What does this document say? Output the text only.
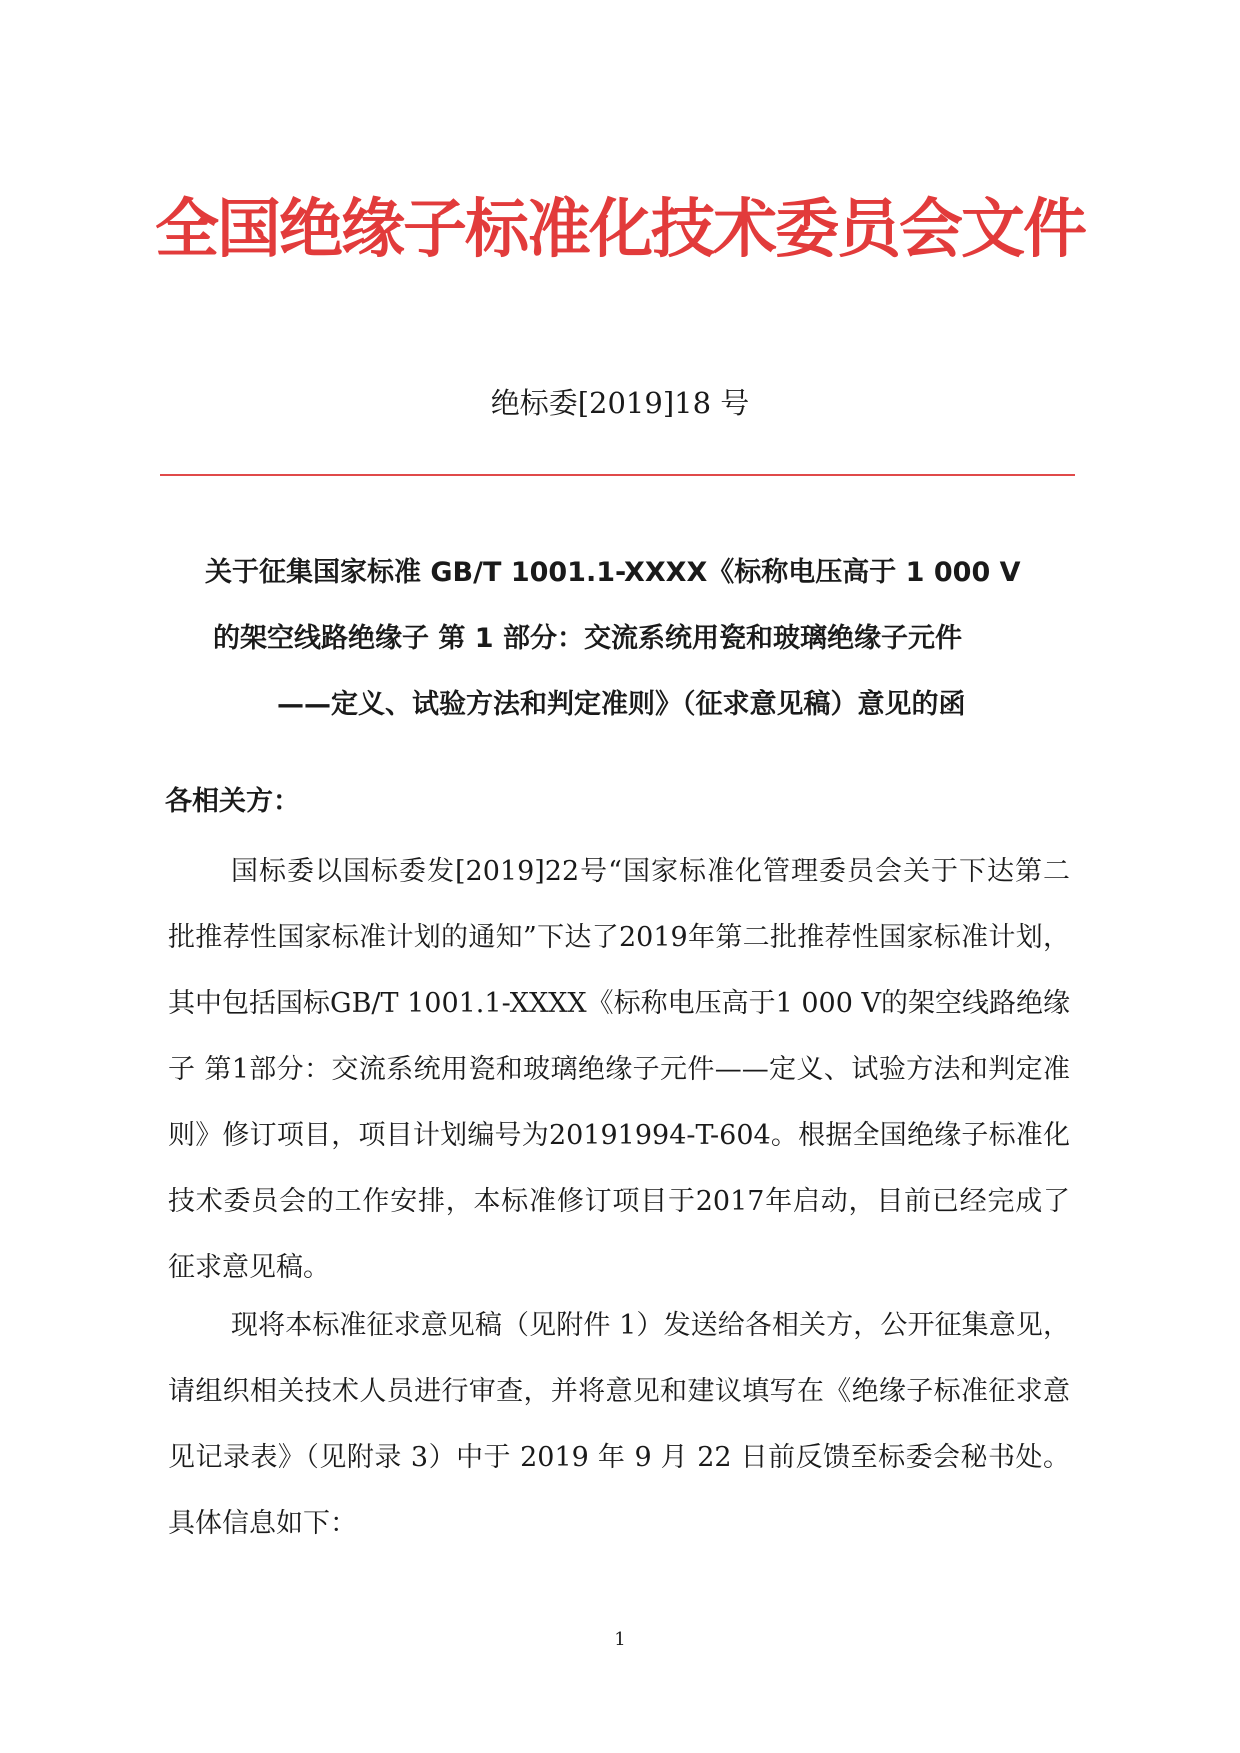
全国绝缘子标准化技术委员会文件
绝标委[2019]18 号
关于征集国家标准 GB/T 1001.1-XXXX《标称电压高于 1 000 V
的架空线路绝缘子 第 1 部分：交流系统用瓷和玻璃绝缘子元件
——定义、试验方法和判定准则》（征求意见稿）意见的函
各相关方：

国标委以国标委发[2019]22号“国家标准化管理委员会关于下达第二批推荐性国家标准计划的通知”下达了2019年第二批推荐性国家标准计划，其中包括国标GB/T 1001.1-XXXX《标称电压高于1 000 V的架空线路绝缘子 第1部分：交流系统用瓷和玻璃绝缘子元件——定义、试验方法和判定准则》修订项目，项目计划编号为20191994-T-604。根据全国绝缘子标准化技术委员会的工作安排，本标准修订项目于2017年启动，目前已经完成了征求意见稿。

现将本标准征求意见稿（见附件 1）发送给各相关方，公开征集意见，请组织相关技术人员进行审查，并将意见和建议填写在《绝缘子标准征求意见记录表》（见附录 3）中于 2019 年 9 月 22 日前反馈至标委会秘书处。具体信息如下：

1
